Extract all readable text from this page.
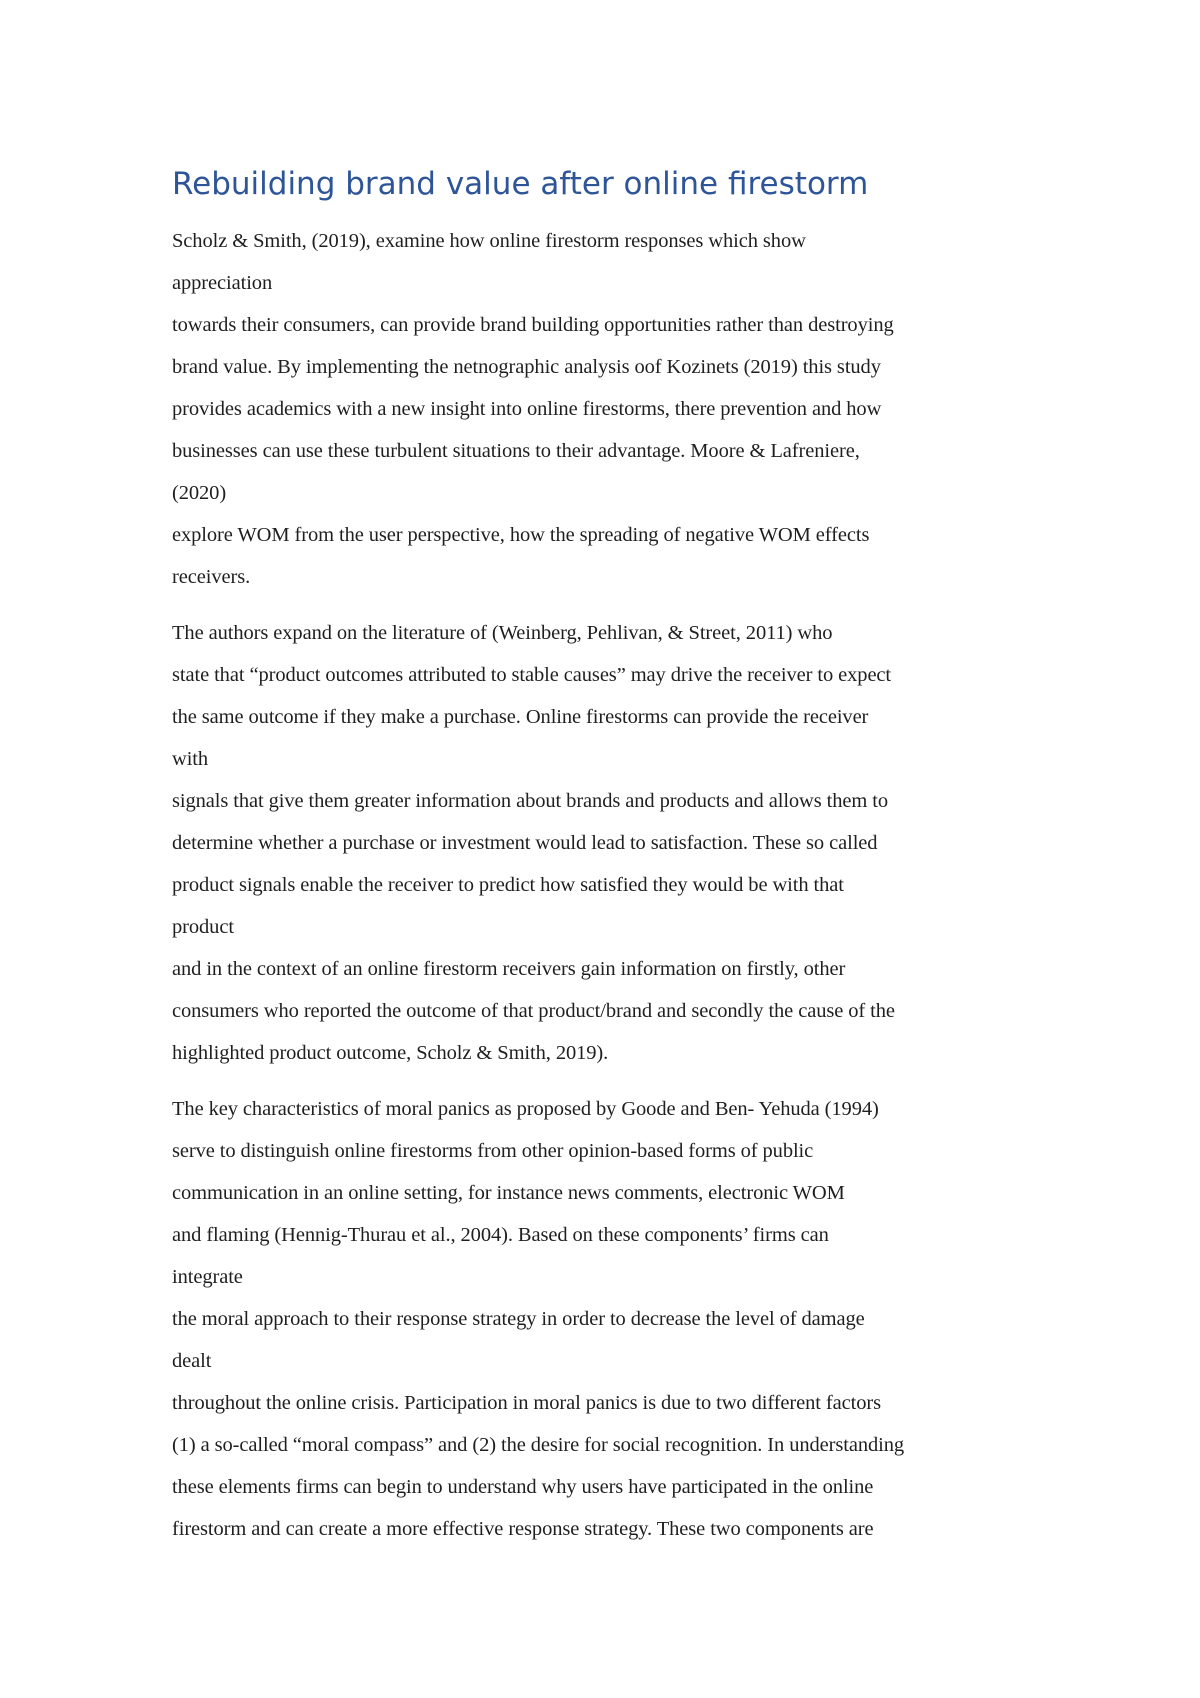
Rebuilding brand value after online firestorm
Scholz & Smith, (2019), examine how online firestorm responses which show
appreciation
towards their consumers, can provide brand building opportunities rather than destroying
brand value. By implementing the netnographic analysis oof Kozinets (2019) this study
provides academics with a new insight into online firestorms, there prevention and how
businesses can use these turbulent situations to their advantage. Moore & Lafreniere,
(2020)
explore WOM from the user perspective, how the spreading of negative WOM effects
receivers.
The authors expand on the literature of (Weinberg, Pehlivan, & Street, 2011) who
state that “product outcomes attributed to stable causes” may drive the receiver to expect
the same outcome if they make a purchase. Online firestorms can provide the receiver
with
signals that give them greater information about brands and products and allows them to
determine whether a purchase or investment would lead to satisfaction. These so called
product signals enable the receiver to predict how satisfied they would be with that
product
and in the context of an online firestorm receivers gain information on firstly, other
consumers who reported the outcome of that product/brand and secondly the cause of the
highlighted product outcome, Scholz & Smith, 2019).
The key characteristics of moral panics as proposed by Goode and Ben- Yehuda (1994)
serve to distinguish online firestorms from other opinion-based forms of public
communication in an online setting, for instance news comments, electronic WOM
and flaming (Hennig-Thurau et al., 2004). Based on these components’ firms can
integrate
the moral approach to their response strategy in order to decrease the level of damage
dealt
throughout the online crisis. Participation in moral panics is due to two different factors
(1) a so-called “moral compass” and (2) the desire for social recognition. In understanding
these elements firms can begin to understand why users have participated in the online
firestorm and can create a more effective response strategy. These two components are
